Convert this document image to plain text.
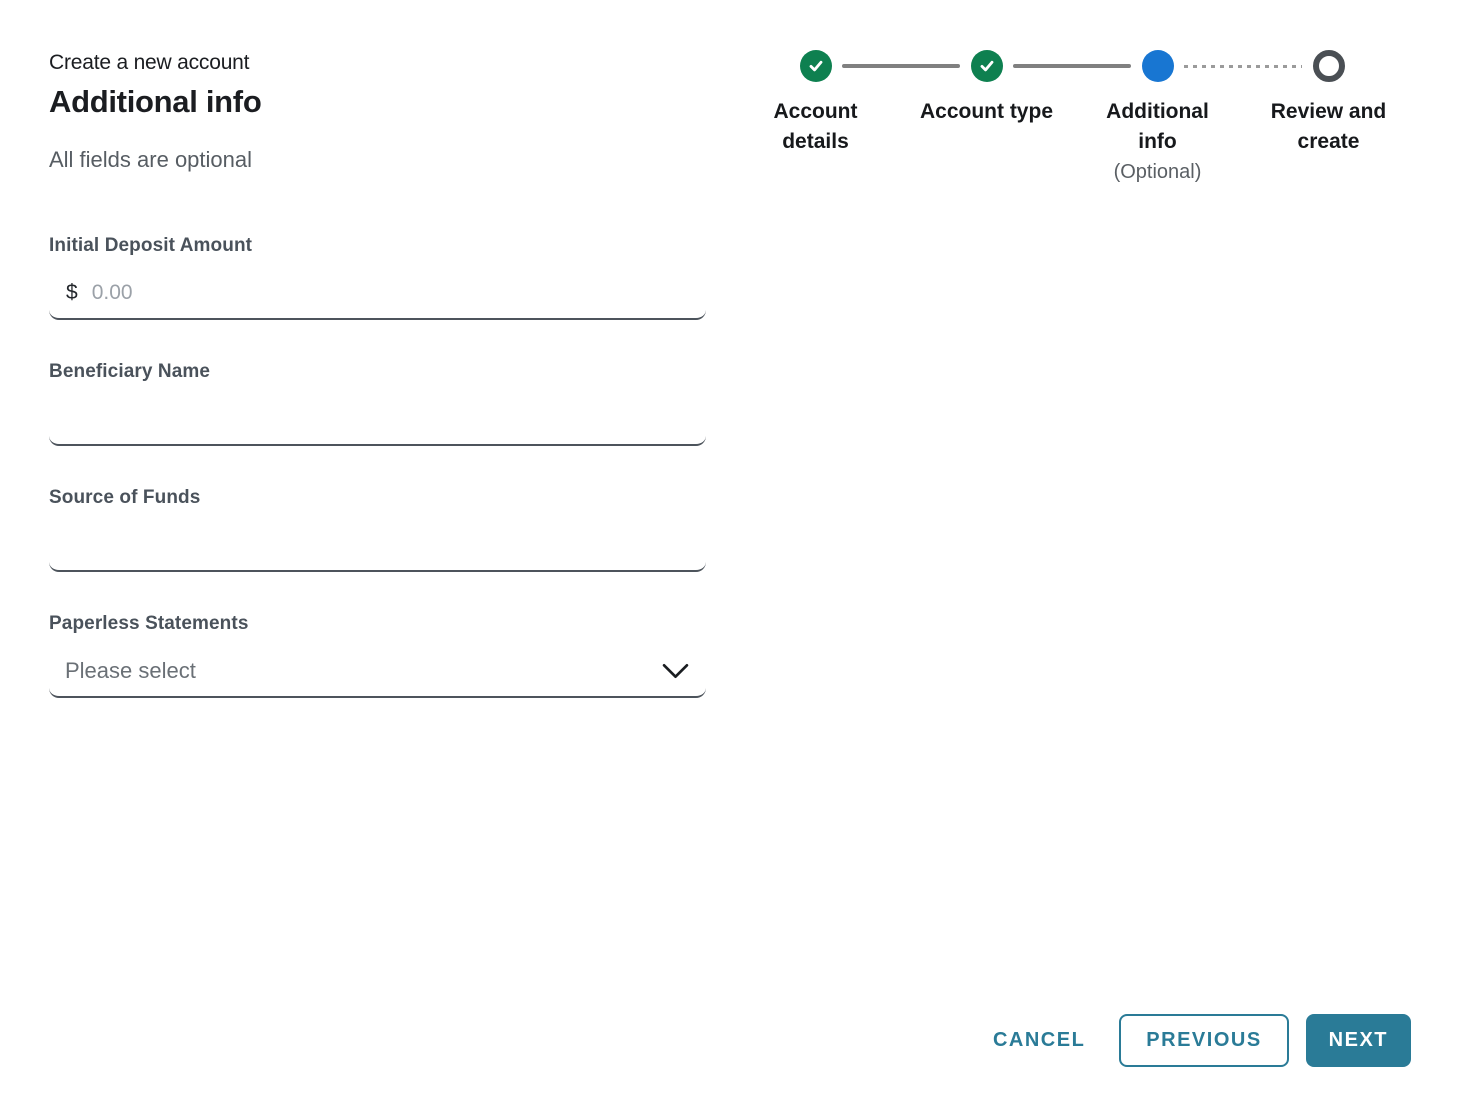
Create a new account
Additional info
All fields are optional
Account
details
Account type	Additional
info
(Optional)
Review and
create
Initial Deposit Amount
$
0.00
Beneficiary Name
Source of Funds
Paperless Statements
Please select
CANCEL	PREVIOUS	NEXT
